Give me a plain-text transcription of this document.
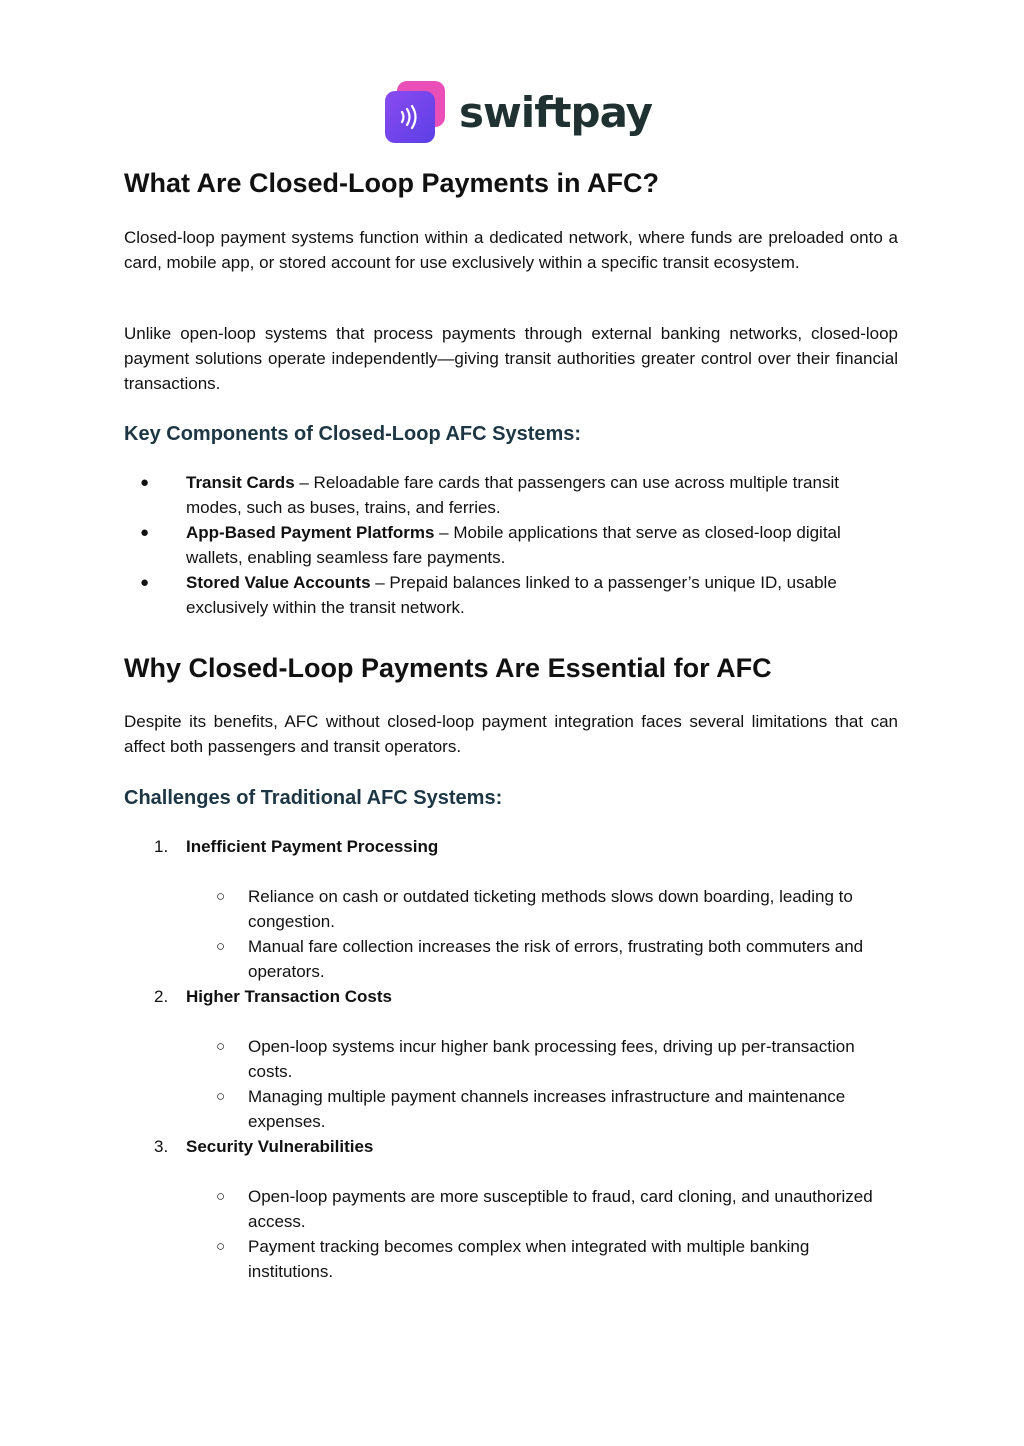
swiftpay
What Are Closed-Loop Payments in AFC?

Closed-loop payment systems function within a dedicated network, where funds are preloaded onto a card, mobile app, or stored account for use exclusively within a specific transit ecosystem.

Unlike open-loop systems that process payments through external banking networks, closed-loop payment solutions operate independently—giving transit authorities greater control over their financial transactions.

Key Components of Closed-Loop AFC Systems:
● Transit Cards – Reloadable fare cards that passengers can use across multiple transit modes, such as buses, trains, and ferries.
● App-Based Payment Platforms – Mobile applications that serve as closed-loop digital wallets, enabling seamless fare payments.
● Stored Value Accounts – Prepaid balances linked to a passenger’s unique ID, usable exclusively within the transit network.
Why Closed-Loop Payments Are Essential for AFC

Despite its benefits, AFC without closed-loop payment integration faces several limitations that can affect both passengers and transit operators.

Challenges of Traditional AFC Systems:
1. Inefficient Payment Processing
○ Reliance on cash or outdated ticketing methods slows down boarding, leading to congestion.
○ Manual fare collection increases the risk of errors, frustrating both commuters and operators.
2. Higher Transaction Costs
○ Open-loop systems incur higher bank processing fees, driving up per-transaction costs.
○ Managing multiple payment channels increases infrastructure and maintenance expenses.
3. Security Vulnerabilities
○ Open-loop payments are more susceptible to fraud, card cloning, and unauthorized access.
○ Payment tracking becomes complex when integrated with multiple banking institutions.
